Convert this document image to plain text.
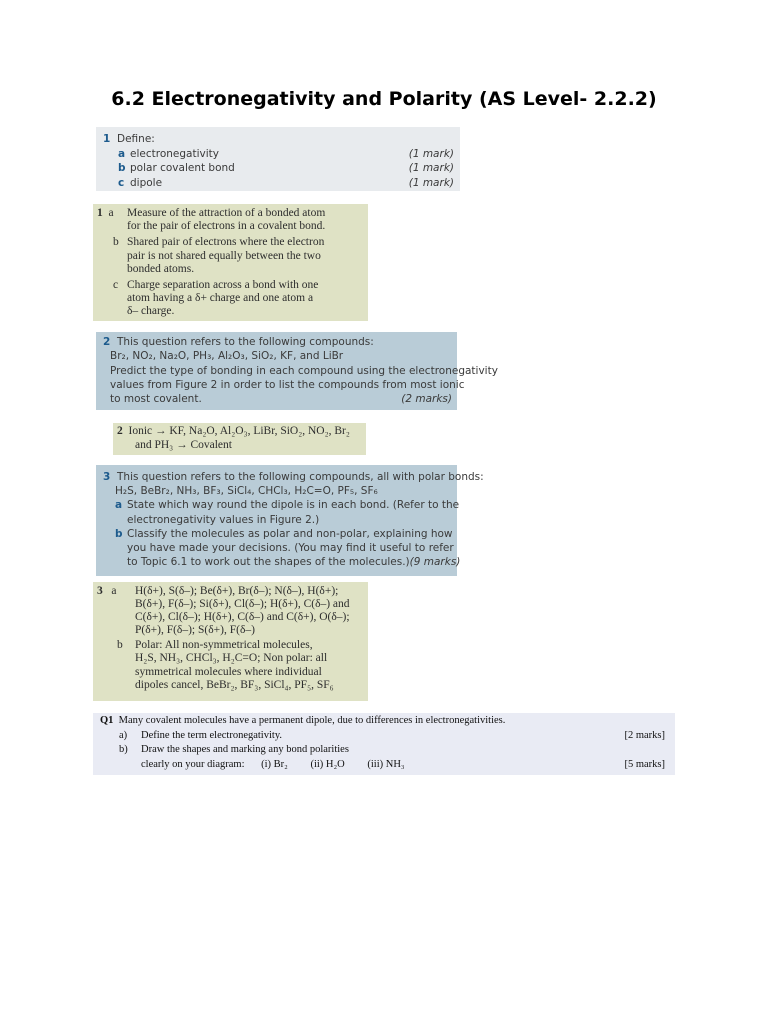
6.2 Electronegativity and Polarity (AS Level- 2.2.2)
1 Define:
a electronegativity	(1 mark)
b polar covalent bond	(1 mark)
c dipole	(1 mark)
1 a	Measure of the attraction of a bonded atom
for the pair of electrons in a covalent bond.
b Shared pair of electrons where the electron
pair is not shared equally between the two
bonded atoms.
c Charge separation across a bond with one
atom having a δ+ charge and one atom a
δ– charge.
2 This question refers to the following compounds:
Br₂, NO₂, Na₂O, PH₃, Al₂O₃, SiO₂, KF, and LiBr
Predict the type of bonding in each compound using the electronegativity
values from Figure 2 in order to list the compounds from most ionic
to most covalent.	(2 marks)
2 Ionic → KF, Na₂O, Al₂O₃, LiBr, SiO₂, NO₂, Br₂
and PH₃ → Covalent
3 This question refers to the following compounds, all with polar bonds:
H₂S, BeBr₂, NH₃, BF₃, SiCl₄, CHCl₃, H₂C=O, PF₅, SF₆
a State which way round the dipole is in each bond. (Refer to the
electronegativity values in Figure 2.)
b Classify the molecules as polar and non-polar, explaining how
you have made your decisions. (You may find it useful to refer
to Topic 6.1 to work out the shapes of the molecules.) (9 marks)
3 a	H(δ+), S(δ–); Be(δ+), Br(δ–); N(δ–), H(δ+);
B(δ+), F(δ–); Si(δ+), Cl(δ–); H(δ+), C(δ–) and
C(δ+), Cl(δ–); H(δ+), C(δ–) and C(δ+), O(δ–);
P(δ+), F(δ–); S(δ+), F(δ–)
b	Polar: All non-symmetrical molecules,
H₂S, NH₃, CHCl₃, H₂C=O; Non polar: all
symmetrical molecules where individual
dipoles cancel, BeBr₂, BF₃, SiCl₄, PF₅, SF₆
Q1 Many covalent molecules have a permanent dipole, due to differences in electronegativities.
a) Define the term electronegativity.	[2 marks]
b) Draw the shapes and marking any bond polarities
clearly on your diagram: (i) Br₂ (ii) H₂O (iii) NH₃	[5 marks]
